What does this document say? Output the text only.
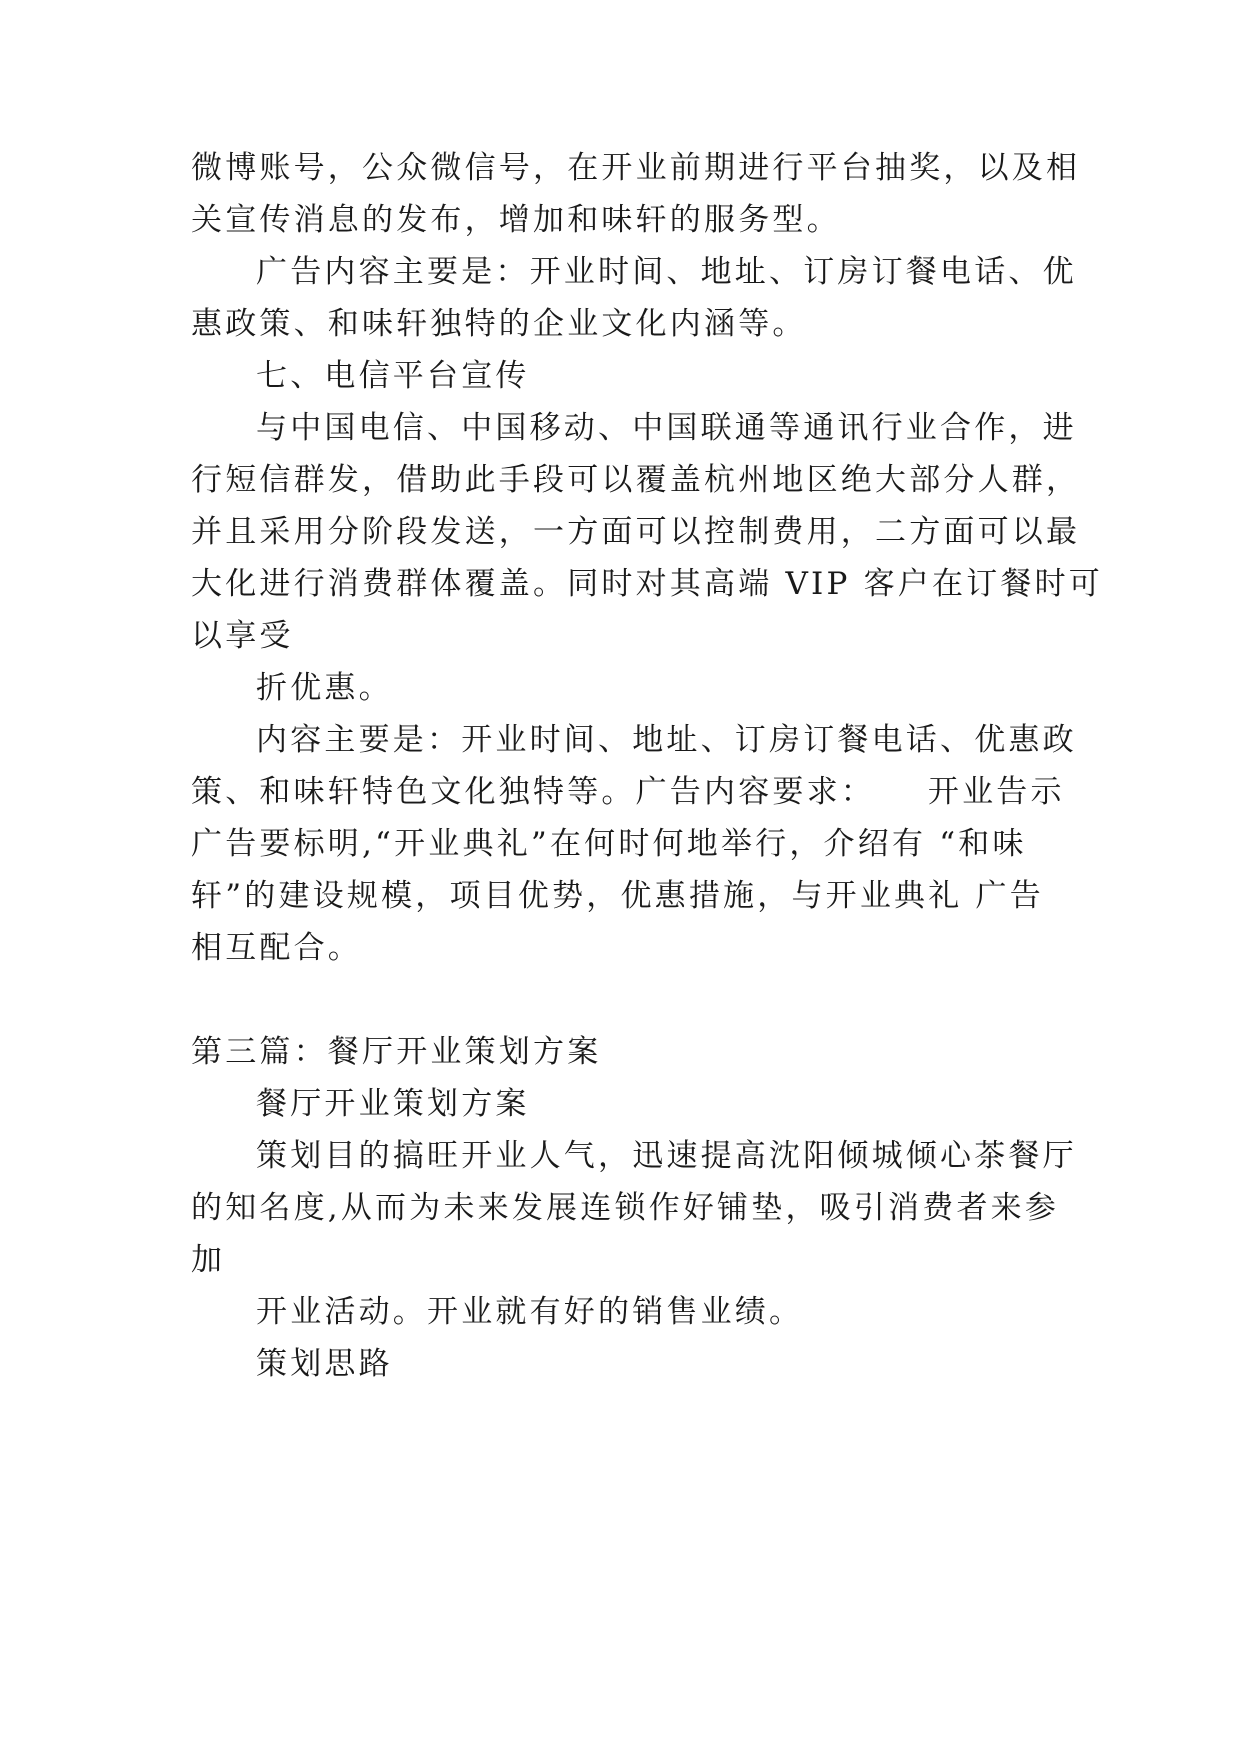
微博账号，公众微信号，在开业前期进行平台抽奖，以及相
关宣传消息的发布，增加和味轩的服务型。
广告内容主要是：开业时间、地址、订房订餐电话、优
惠政策、和味轩独特的企业文化内涵等。
七、电信平台宣传
与中国电信、中国移动、中国联通等通讯行业合作，进
行短信群发，借助此手段可以覆盖杭州地区绝大部分人群，
并且采用分阶段发送，一方面可以控制费用，二方面可以最
大化进行消费群体覆盖。同时对其高端 VIP 客户在订餐时可
以享受
折优惠。
内容主要是：开业时间、地址、订房订餐电话、优惠政
策、和味轩特色文化独特等。广告内容要求：　　开业告示
广告要标明,“开业典礼”在何时何地举行，介绍有 “和味
轩”的建设规模，项目优势，优惠措施，与开业典礼 广告
相互配合。
第三篇：餐厅开业策划方案
餐厅开业策划方案
策划目的搞旺开业人气，迅速提高沈阳倾城倾心茶餐厅
的知名度,从而为未来发展连锁作好铺垫，吸引消费者来参
加
开业活动。开业就有好的销售业绩。
策划思路
